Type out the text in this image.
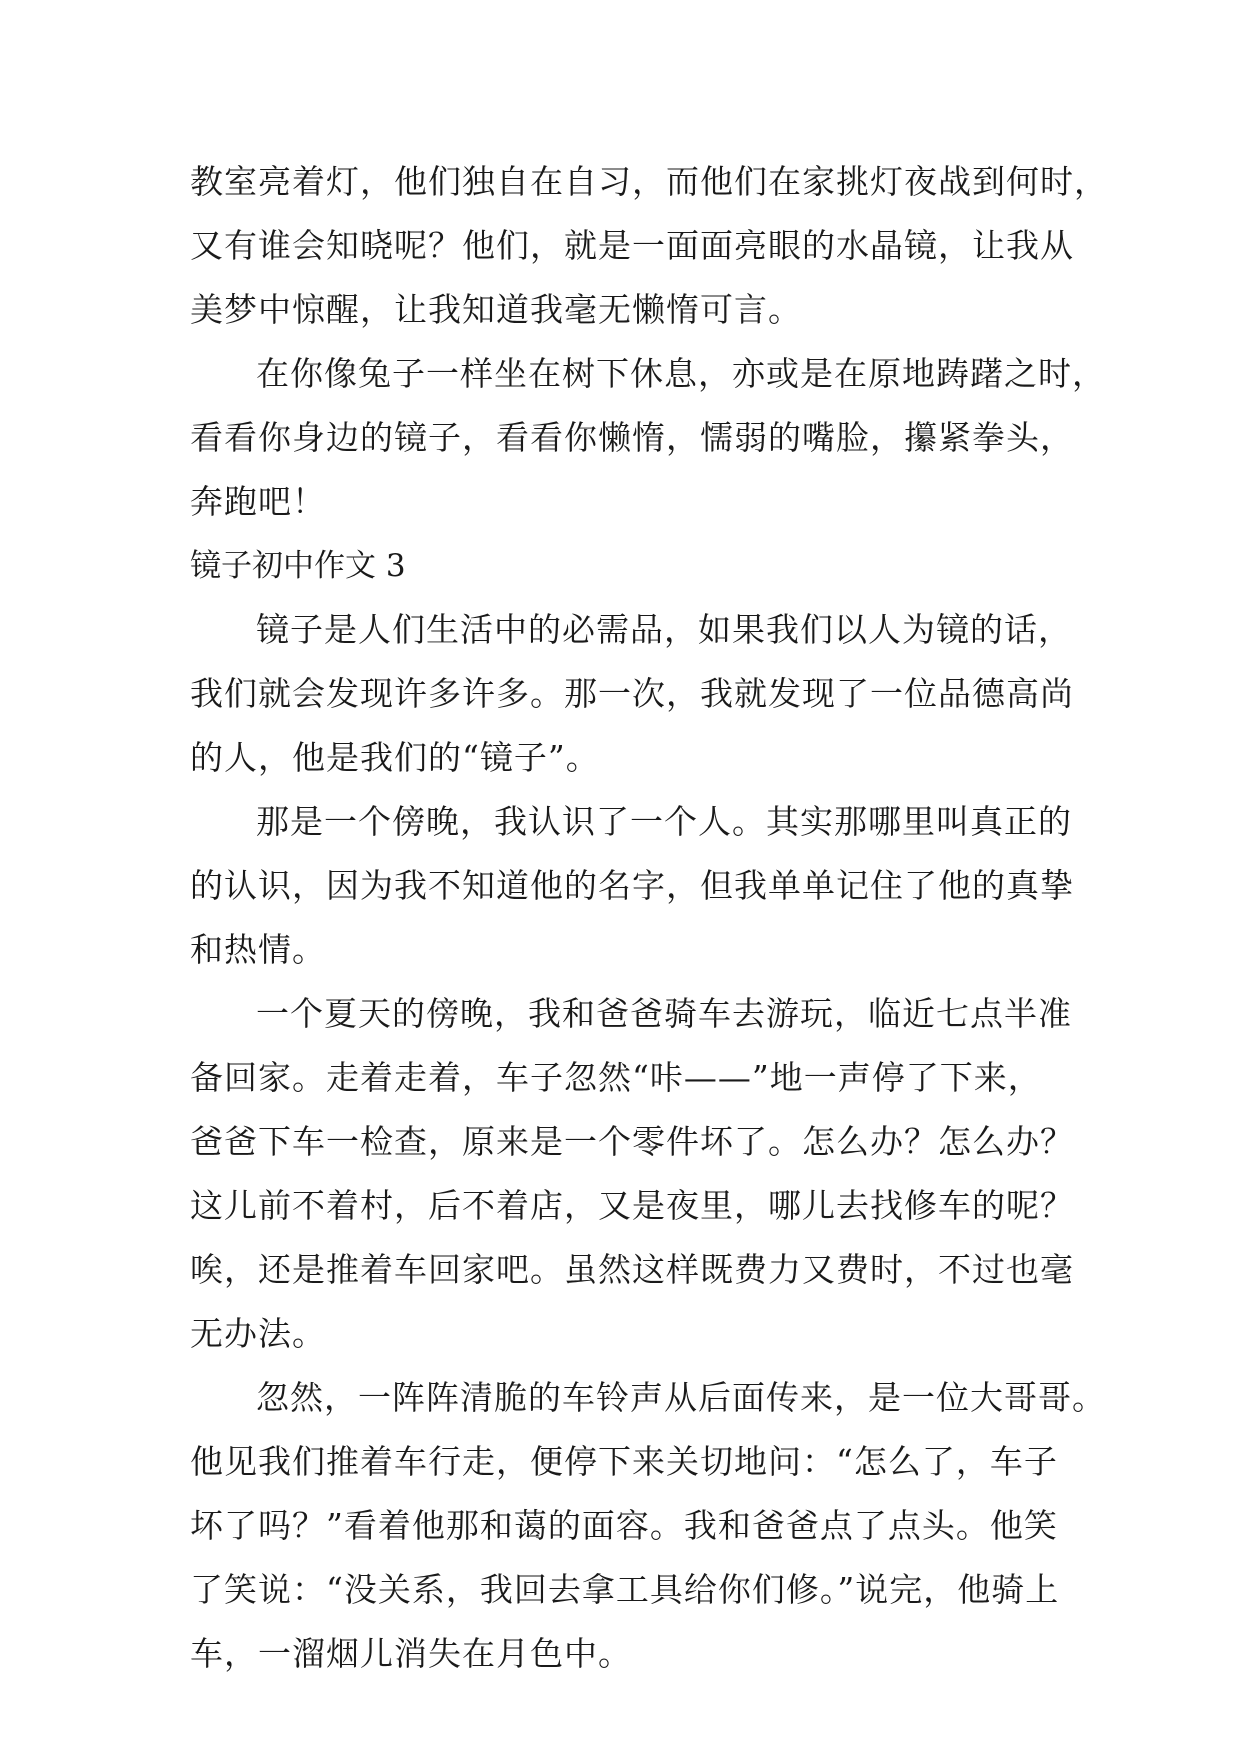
教室亮着灯，他们独自在自习，而他们在家挑灯夜战到何时，
又有谁会知晓呢？他们，就是一面面亮眼的水晶镜，让我从
美梦中惊醒，让我知道我毫无懒惰可言。
在你像兔子一样坐在树下休息，亦或是在原地踌躇之时，
看看你身边的镜子，看看你懒惰，懦弱的嘴脸，攥紧拳头，
奔跑吧！
镜子初中作文 3
镜子是人们生活中的必需品，如果我们以人为镜的话，
我们就会发现许多许多。那一次，我就发现了一位品德高尚
的人，他是我们的“镜子”。
那是一个傍晚，我认识了一个人。其实那哪里叫真正的
的认识，因为我不知道他的名字，但我单单记住了他的真挚
和热情。
一个夏天的傍晚，我和爸爸骑车去游玩，临近七点半准
备回家。走着走着，车子忽然“咔——”地一声停了下来，
爸爸下车一检查，原来是一个零件坏了。怎么办？怎么办？
这儿前不着村，后不着店，又是夜里，哪儿去找修车的呢？
唉，还是推着车回家吧。虽然这样既费力又费时，不过也毫
无办法。
忽然，一阵阵清脆的车铃声从后面传来，是一位大哥哥。
他见我们推着车行走，便停下来关切地问：“怎么了，车子
坏了吗？”看着他那和蔼的面容。我和爸爸点了点头。他笑
了笑说：“没关系，我回去拿工具给你们修。”说完，他骑上
车，一溜烟儿消失在月色中。
